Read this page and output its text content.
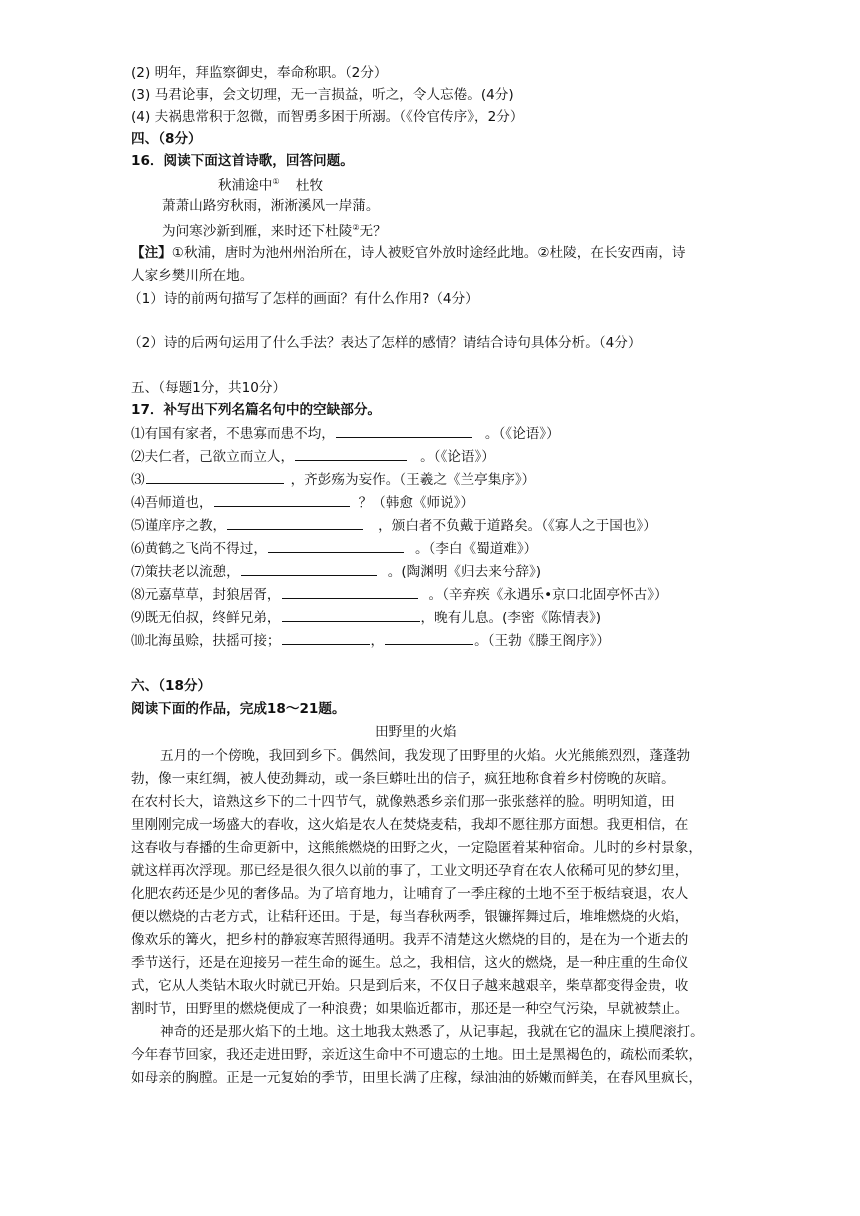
(2) 明年，拜监察御史，奉命称职。（2分）
(3) 马君论事，会文切理，无一言损益，听之，令人忘倦。(4分)
(4) 夫祸患常积于忽微，而智勇多困于所溺。（《伶官传序》，2分）
四、（8分）
16．阅读下面这首诗歌，回答问题。
秋浦途中① 杜牧
萧萧山路穷秋雨，淅淅溪风一岸蒲。
为问寒沙新到雁，来时还下杜陵②无？
【注】①秋浦，唐时为池州州治所在，诗人被贬官外放时途经此地。②杜陵，在长安西南，诗
人家乡樊川所在地。
（1）诗的前两句描写了怎样的画面？有什么作用?（4分）
（2）诗的后两句运用了什么手法？表达了怎样的感情？请结合诗句具体分析。（4分）
五、（每题1分，共10分）
17．补写出下列名篇名句中的空缺部分。
⑴有国有家者，不患寡而患不均，	。（《论语》）
⑵夫仁者，己欲立而立人，	。（《论语》）
⑶	，齐彭殇为妄作。（王羲之《兰亭集序》）
⑷吾师道也，	？（韩愈《师说》）
⑸谨庠序之教，	，颁白者不负戴于道路矣。（《寡人之于国也》）
⑹黄鹤之飞尚不得过，	。（李白《蜀道难》）
⑺策扶老以流憩，	。(陶渊明《归去来兮辞》)
⑻元嘉草草，封狼居胥，	。（辛弃疾《永遇乐•京口北固亭怀古》）
⑼既无伯叔，终鲜兄弟，	，晚有儿息。(李密《陈情表》)
⑽北海虽赊，扶摇可接；	，	。（王勃《滕王阁序》）
六、（18分）
阅读下面的作品，完成18～21题。
田野里的火焰
五月的一个傍晚，我回到乡下。偶然间，我发现了田野里的火焰。火光熊熊烈烈，蓬蓬勃
勃，像一束红绸，被人使劲舞动，或一条巨蟒吐出的信子，疯狂地称食着乡村傍晚的灰暗。
在农村长大，谙熟这乡下的二十四节气，就像熟悉乡亲们那一张张慈祥的脸。明明知道，田
里刚刚完成一场盛大的春收，这火焰是农人在焚烧麦秸，我却不愿往那方面想。我更相信，在
这春收与春播的生命更新中，这熊熊燃烧的田野之火，一定隐匿着某种宿命。儿时的乡村景象，
就这样再次浮现。那已经是很久很久以前的事了，工业文明还孕育在农人依稀可见的梦幻里，
化肥农药还是少见的奢侈品。为了培育地力，让哺育了一季庄稼的土地不至于板结衰退，农人
便以燃烧的古老方式，让秸秆还田。于是，每当春秋两季，银镰挥舞过后，堆堆燃烧的火焰，
像欢乐的篝火，把乡村的静寂寒苦照得通明。我弄不清楚这火燃烧的目的，是在为一个逝去的
季节送行，还是在迎接另一茬生命的诞生。总之，我相信，这火的燃烧，是一种庄重的生命仪
式，它从人类钻木取火时就已开始。只是到后来，不仅日子越来越艰辛，柴草都变得金贵，收
割时节，田野里的燃烧便成了一种浪费；如果临近都市，那还是一种空气污染，早就被禁止。
神奇的还是那火焰下的土地。这土地我太熟悉了，从记事起，我就在它的温床上摸爬滚打。
今年春节回家，我还走进田野，亲近这生命中不可遗忘的土地。田土是黑褐色的，疏松而柔软，
如母亲的胸膛。正是一元复始的季节，田里长满了庄稼，绿油油的娇嫩而鲜美，在春风里疯长，
